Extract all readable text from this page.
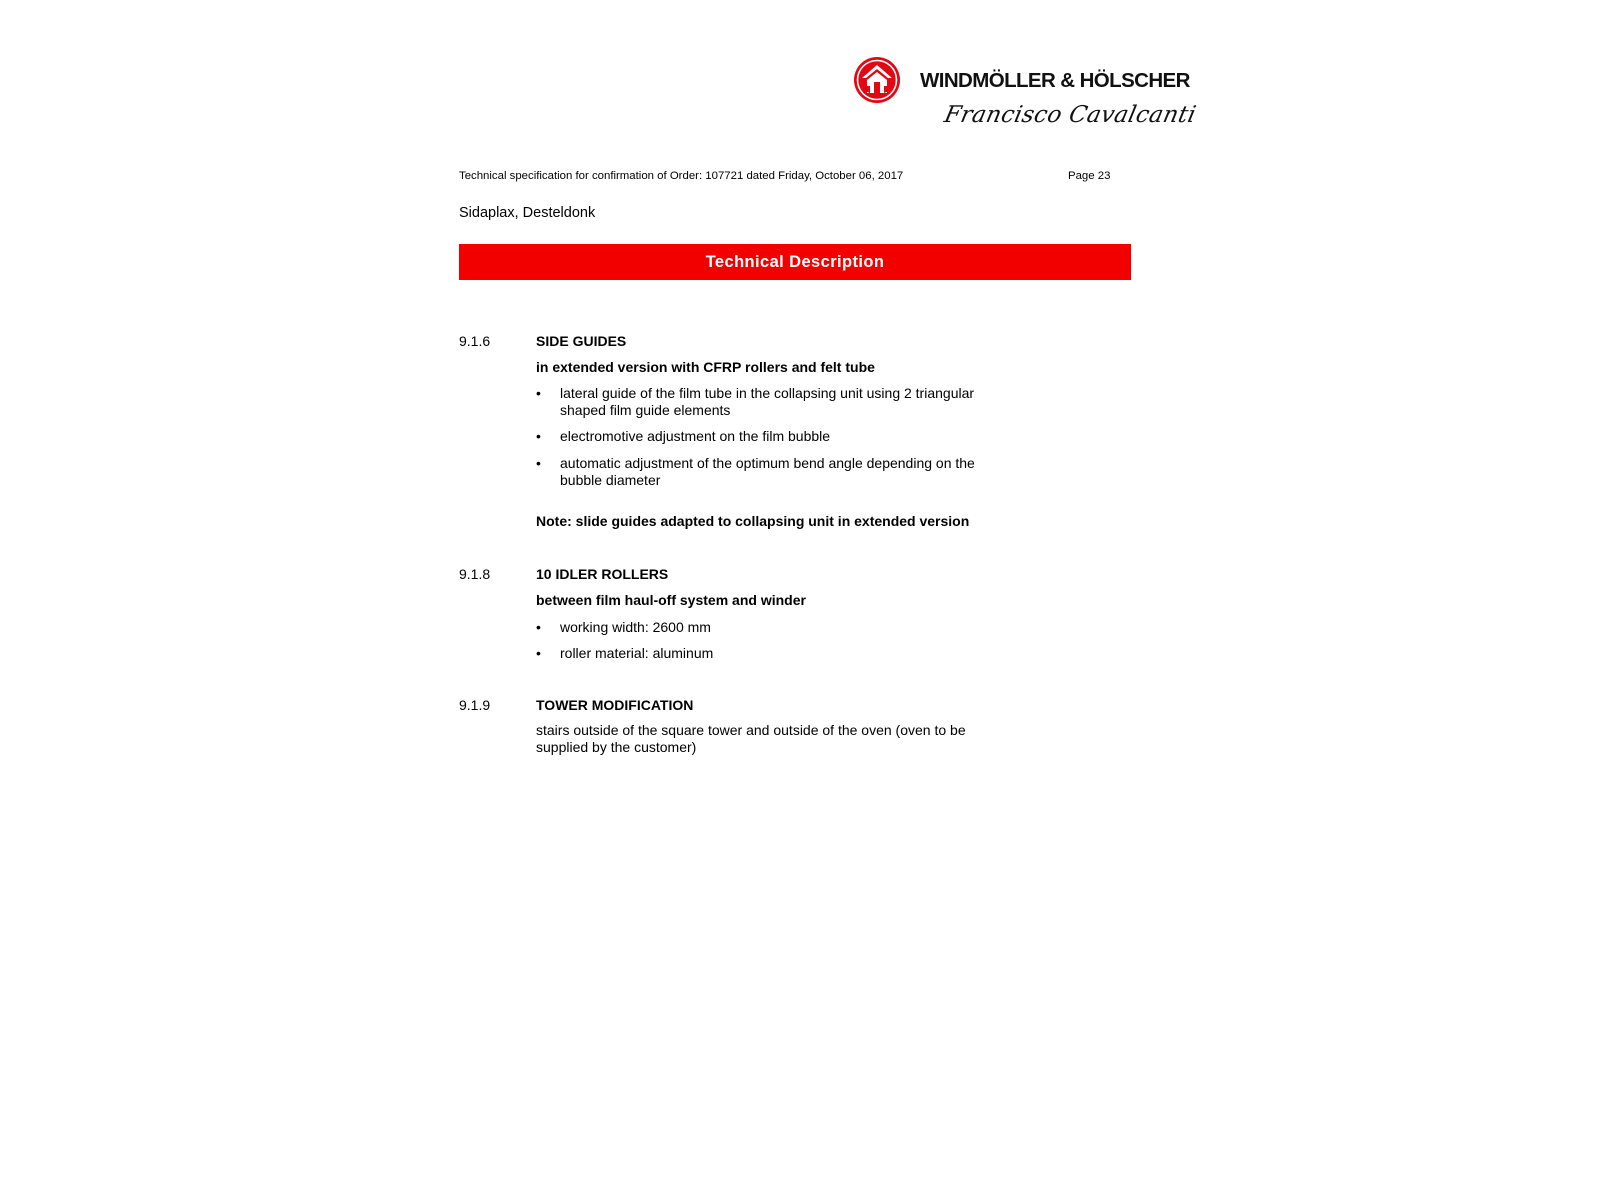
WINDMÖLLER & HÖLSCHER
Francisco Cavalcanti
Technical specification for confirmation of Order: 107721 dated Friday, October 06, 2017	Page 23
Sidaplax, Desteldonk
Technical Description
9.1.6	SIDE GUIDES
in extended version with CFRP rollers and felt tube
•	lateral guide of the film tube in the collapsing unit using 2 triangular shaped film guide elements
•	electromotive adjustment on the film bubble
•	automatic adjustment of the optimum bend angle depending on the bubble diameter
Note: slide guides adapted to collapsing unit in extended version
9.1.8	10 IDLER ROLLERS
between film haul-off system and winder
•	working width: 2600 mm
•	roller material: aluminum
9.1.9	TOWER MODIFICATION
stairs outside of the square tower and outside of the oven (oven to be supplied by the customer)
